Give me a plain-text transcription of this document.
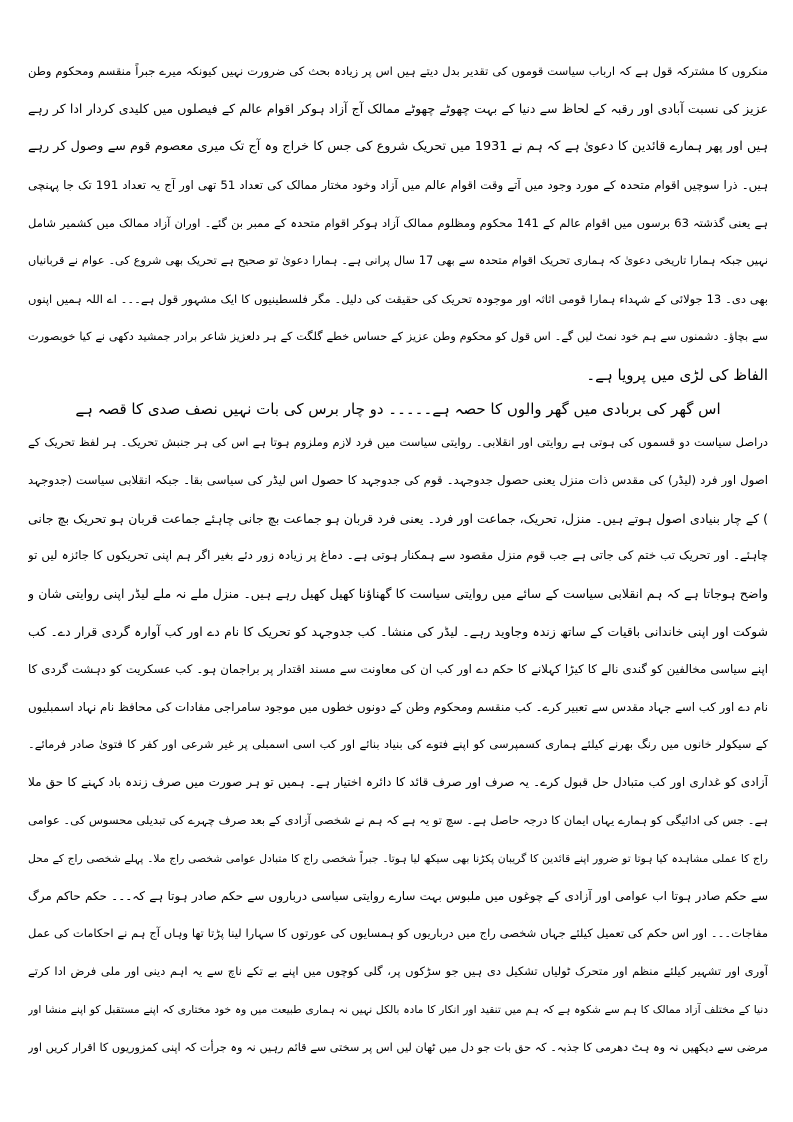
منکروں کا مشترکہ قول ہے کہ ارباب سیاست قوموں کی تقدیر بدل دیتے ہیں اس پر زیادہ بحث کی ضرورت نہیں کیونکہ میرے جبراً منقسم ومحکوم وطن
عزیز کی نسبت آبادی اور رقبہ کے لحاظ سے دنیا کے بہت چھوٹے چھوٹے ممالک آج آزاد ہوکر اقوام عالم کے فیصلوں میں کلیدی کردار ادا کر رہے
ہیں اور پھر ہمارے قائدین کا دعویٰ ہے کہ ہم نے 1931 میں تحریک شروع کی جس کا خراج وہ آج تک میری معصوم قوم سے وصول کر رہے
ہیں۔ ذرا سوچیں اقوام متحدہ کے مورد وجود میں آتے وقت اقوام عالم میں آزاد وخود مختار ممالک کی تعداد 51 تھی اور آج یہ تعداد 191 تک جا پہنچی
ہے یعنی گذشتہ 63 برسوں میں اقوام عالم کے 141 محکوم ومظلوم ممالک آزاد ہوکر اقوام متحدہ کے ممبر بن گئے۔ اوران آزاد ممالک میں کشمیر شامل
نہیں جبکہ ہمارا تاریخی دعویٰ کہ ہماری تحریک اقوام متحدہ سے بھی 17 سال پرانی ہے۔ ہمارا دعویٰ تو صحیح ہے تحریک بھی شروع کی۔ عوام نے قربانیاں
بھی دی۔ 13 جولائی کے شہداء ہمارا قومی اثاثہ اور موجودہ تحریک کی حقیقت کی دلیل۔ مگر فلسطینیوں کا ایک مشہور قول ہے۔۔۔ اے اللہ ہمیں اپنوں
سے بچاؤ۔ دشمنوں سے ہم خود نمٹ لیں گے۔ اس قول کو محکوم وطن عزیز کے حساس خطے گلگت کے ہر دلعزیز شاعر برادر جمشید دکھی نے کیا خوبصورت
الفاظ کی لڑی میں پرویا ہے۔
اس گھر کی بربادی میں گھر والوں کا حصہ ہے۔۔۔۔۔ دو چار برس کی بات نہیں نصف صدی کا قصہ ہے
دراصل سیاست دو قسموں کی ہوتی ہے روایتی اور انقلابی۔ روایتی سیاست میں فرد لازم وملزوم ہوتا ہے اس کی ہر جنبش تحریک۔ ہر لفظ تحریک کے
اصول اور فرد (لیڈر) کی مقدس ذات منزل یعنی حصول جدوجہد۔ قوم کی جدوجہد کا حصول اس لیڈر کی سیاسی بقا۔ جبکہ انقلابی سیاست (جدوجہد
) کے چار بنیادی اصول ہوتے ہیں۔ منزل، تحریک، جماعت اور فرد۔ یعنی فرد قربان ہو جماعت بچ جانی چاہئے جماعت قربان ہو تحریک بچ جانی
چاہئے۔ اور تحریک تب ختم کی جاتی ہے جب قوم منزل مقصود سے ہمکنار ہوتی ہے۔ دماغ پر زیادہ زور دئے بغیر اگر ہم اپنی تحریکوں کا جائزہ لیں تو
واضح ہوجاتا ہے کہ ہم انقلابی سیاست کے سائے میں روایتی سیاست کا گھناؤنا کھیل کھیل رہے ہیں۔ منزل ملے نہ ملے لیڈر اپنی روایتی شان و
شوکت اور اپنی خاندانی باقیات کے ساتھ زندہ وجاوید رہے۔ لیڈر کی منشا۔ کب جدوجہد کو تحریک کا نام دے اور کب آوارہ گردی قرار دے۔ کب
اپنے سیاسی مخالفین کو گندی نالے کا کیڑا کہلانے کا حکم دے اور کب ان کی معاونت سے مسند اقتدار پر براجمان ہو۔ کب عسکریت کو دہشت گردی کا
نام دے اور کب اسے جہاد مقدس سے تعبیر کرے۔ کب منقسم ومحکوم وطن کے دونوں خطوں میں موجود سامراجی مفادات کی محافظ نام نہاد اسمبلیوں
کے سیکولر خانوں میں رنگ بھرنے کیلئے ہماری کسمپرسی کو اپنے فتوے کی بنیاد بنائے اور کب اسی اسمبلی پر غیر شرعی اور کفر کا فتویٰ صادر فرمائے۔
آزادی کو غداری اور کب متبادل حل قبول کرے۔ یہ صرف اور صرف قائد کا دائرہ اختیار ہے۔ ہمیں تو ہر صورت میں صرف زندہ باد کہنے کا حق ملا
ہے۔ جس کی ادائیگی کو ہمارے یہاں ایمان کا درجہ حاصل ہے۔ سچ تو یہ ہے کہ ہم نے شخصی آزادی کے بعد صرف چہرے کی تبدیلی محسوس کی۔ عوامی
راج کا عملی مشاہدہ کیا ہوتا تو ضرور اپنے قائدین کا گریبان پکڑنا بھی سیکھ لیا ہوتا۔ جبراً شخصی راج کا متبادل عوامی شخصی راج ملا۔ پہلے شخصی راج کے محل
سے حکم صادر ہوتا اب عوامی اور آزادی کے چوغوں میں ملبوس بہت سارے روایتی سیاسی درباروں سے حکم صادر ہوتا ہے کہ۔۔۔ حکم حاکم مرگ
مفاجات۔۔۔ اور اس حکم کی تعمیل کیلئے جہاں شخصی راج میں درباریوں کو ہمسایوں کی عورتوں کا سہارا لینا پڑتا تھا وہاں آج ہم نے احکامات کی عمل
آوری اور تشہیر کیلئے منظم اور متحرک ٹولیاں تشکیل دی ہیں جو سڑکوں پر، گلی کوچوں میں اپنے بے تکے ناچ سے یہ اہم دینی اور ملی فرض ادا کرتے
دنیا کے مختلف آزاد ممالک کا ہم سے شکوہ ہے کہ ہم میں تنقید اور انکار کا مادہ بالکل نہیں نہ ہماری طبیعت میں وہ خود مختاری کہ اپنے مستقبل کو اپنے منشا اور
مرضی سے دیکھیں نہ وہ ہٹ دھرمی کا جذبہ۔ کہ حق بات جو دل میں ٹھان لیں اس پر سختی سے قائم رہیں نہ وہ جرأت کہ اپنی کمزوریوں کا اقرار کریں اور
